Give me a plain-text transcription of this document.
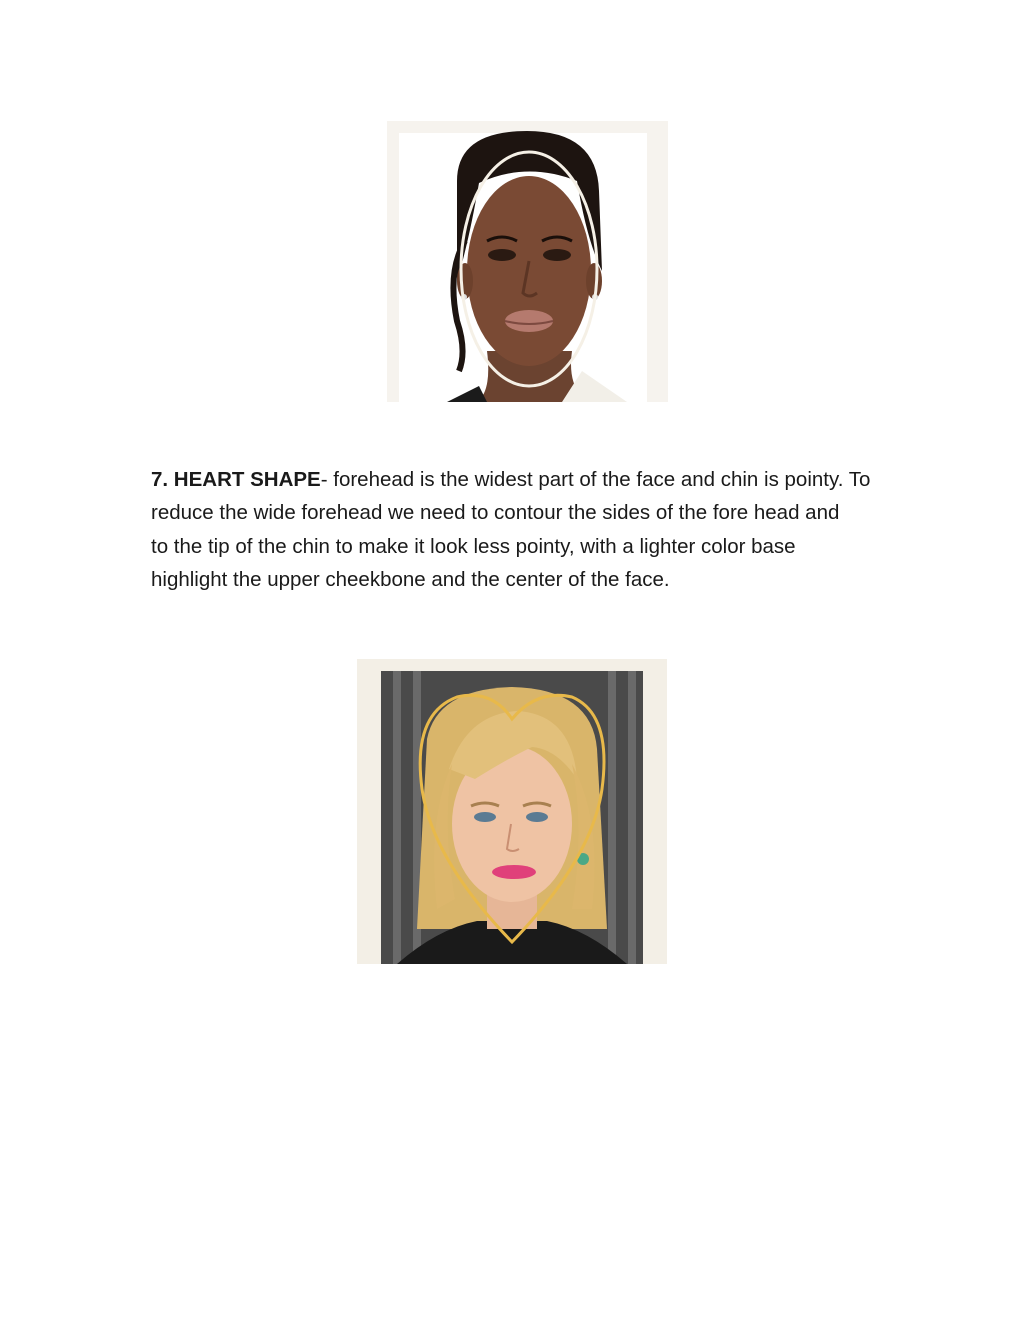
7. HEART SHAPE- forehead is the widest part of the face and chin is pointy. To
reduce the wide forehead we need to contour the sides of the fore head and
to the tip of the chin to make it look less pointy, with a lighter color base
highlight the upper cheekbone and the center of the face.
